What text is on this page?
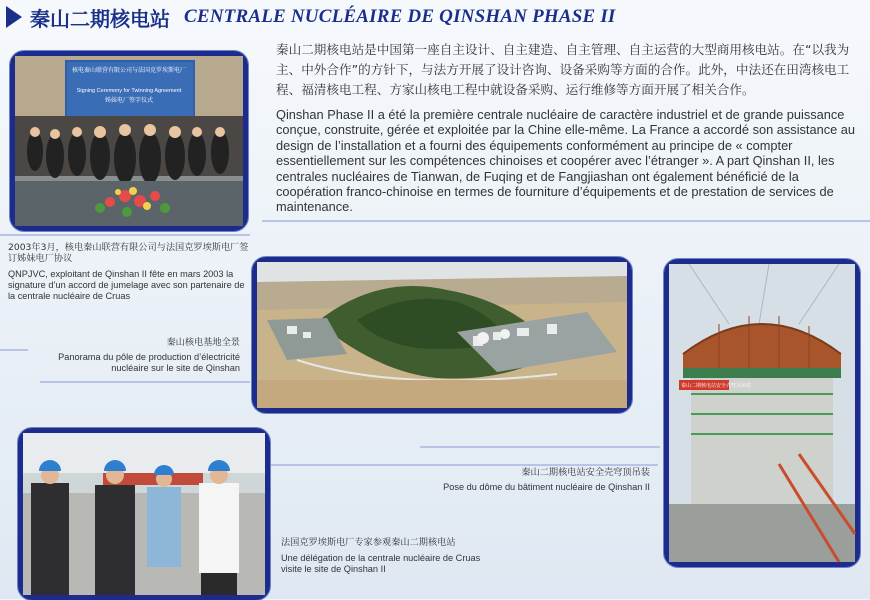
秦山二期核电站 CENTRALE NUCLÉAIRE DE QINSHAN PHASE II
核电秦山联营有限公司与法国克罗埃斯电厂
Signing Ceremony for Twinning Agreement
姊妹电厂签字仪式
秦山二期核电站是中国第一座自主设计、自主建造、自主管理、自主运营的大型商用核电站。在“以我为主、中外合作”的方针下，与法方开展了设计咨询、设备采购等方面的合作。此外，中法还在田湾核电工程、福清核电工程、方家山核电工程中就设备采购、运行维修等方面开展了相关合作。
Qinshan Phase II a été la première centrale nucléaire de caractère industriel et de grande puissance conçue, construite, gérée et exploitée par la Chine elle-même. La France a accordé son assistance au design de l’installation et a fourni des équipements conformément au principe de « compter essentiellement sur les compétences chinoises et coopérer avec l’étranger ». A part Qinshan II, les centrales nucléaires de Tianwan, de Fuqing et de Fangjiashan ont également bénéficié de la coopération franco-chinoise en termes de fourniture d’équipements et de prestation de services de maintenance.
2003年3月，核电秦山联营有限公司与法国克罗埃斯电厂签订姊妹电厂协议
QNPJVC, exploitant de Qinshan II fête en mars 2003 la signature d’un accord de jumelage avec son partenaire de la centrale nucléaire de Cruas
秦山核电基地全景
Panorama du pôle de production d’électricité nucléaire sur le site de Qinshan
秦山二期核电站安全壳穹顶吊装
秦山二期核电站安全壳穹顶吊装
Pose du dôme du bâtiment nucléaire de Qinshan II
法国克罗埃斯电厂专家参观秦山二期核电站
Une délégation de la centrale nucléaire de Cruas visite le site de Qinshan II
